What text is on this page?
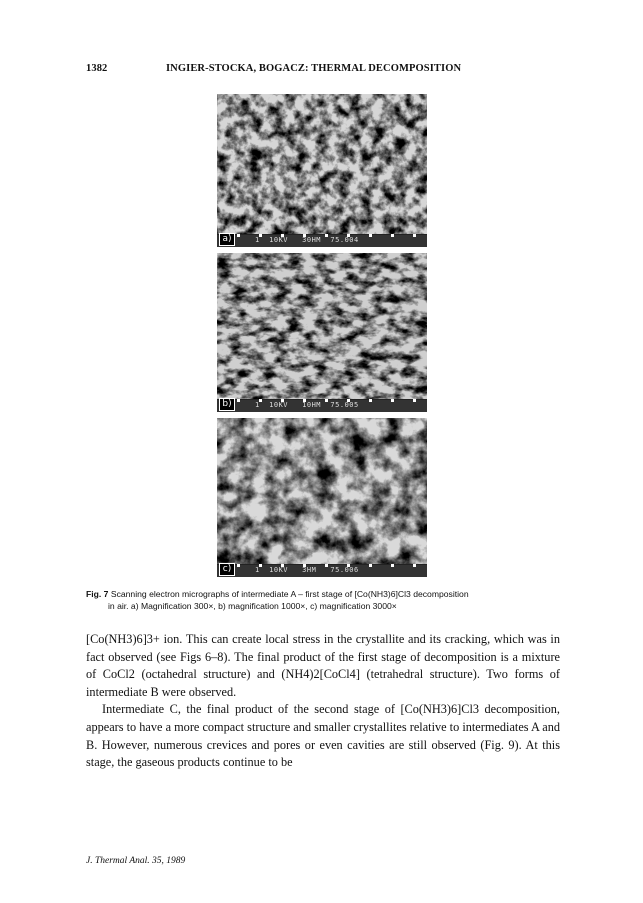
1382	INGIER-STOCKA, BOGACZ: THERMAL DECOMPOSITION
a)	1  10KV   30HM  75.004
b)	1  10KV   10HM  75.005
c)	1  10KV   3HM   75.006
Fig. 7 Scanning electron micrographs of intermediate A – first stage of [Co(NH3)6]Cl3 decomposition
in air. a) Magnification 300×, b) magnification 1000×, c) magnification 3000×

[Co(NH3)6]3+ ion. This can create local stress in the crystallite and its cracking, which was in fact observed (see Figs 6–8). The final product of the first stage of decomposition is a mixture of CoCl2 (octahedral structure) and (NH4)2[CoCl4] (tetrahedral structure). Two forms of intermediate B were observed.

Intermediate C, the final product of the second stage of [Co(NH3)6]Cl3 decomposition, appears to have a more compact structure and smaller crystallites relative to intermediates A and B. However, numerous crevices and pores or even cavities are still observed (Fig. 9). At this stage, the gaseous products continue to be

J. Thermal Anal. 35, 1989
